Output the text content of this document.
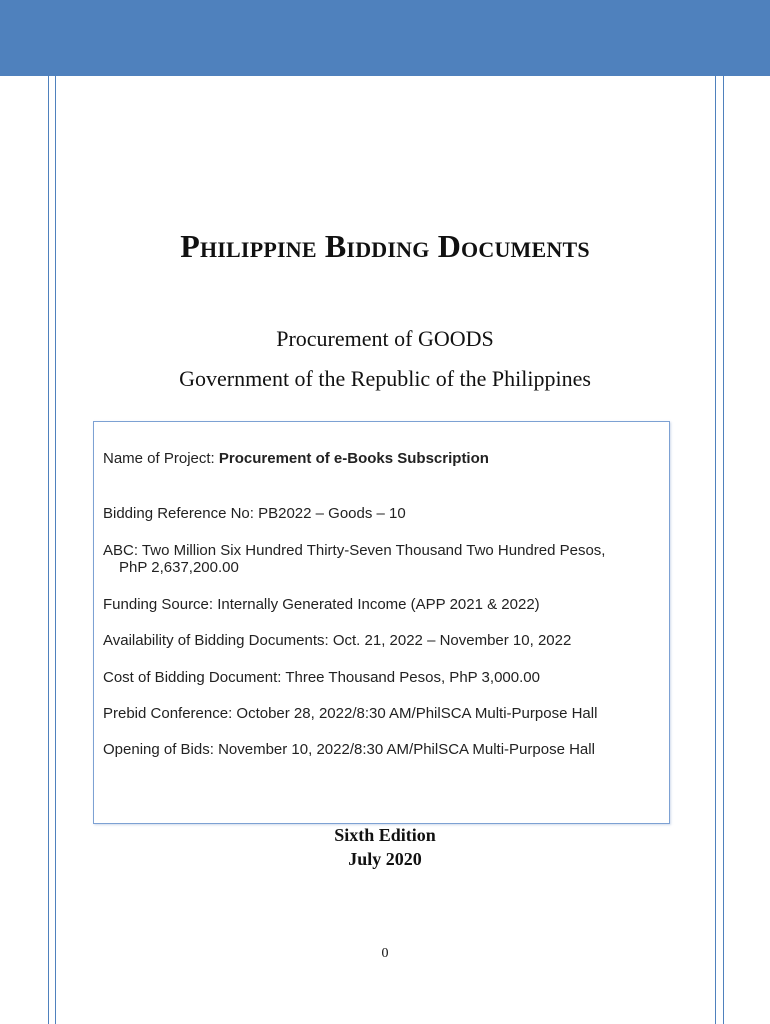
Philippine Bidding Documents
Procurement of GOODS
Government of the Republic of the Philippines
Name of Project: Procurement of e-Books Subscription
Bidding Reference No: PB2022 – Goods – 10
ABC: Two Million Six Hundred Thirty-Seven Thousand Two Hundred Pesos,
PhP 2,637,200.00
Funding Source: Internally Generated Income (APP 2021 & 2022)
Availability of Bidding Documents: Oct. 21, 2022 – November 10, 2022
Cost of Bidding Document: Three Thousand Pesos, PhP 3,000.00
Prebid Conference: October 28, 2022/8:30 AM/PhilSCA Multi-Purpose Hall
Opening of Bids: November 10, 2022/8:30 AM/PhilSCA Multi-Purpose Hall
Sixth Edition
July 2020
0
